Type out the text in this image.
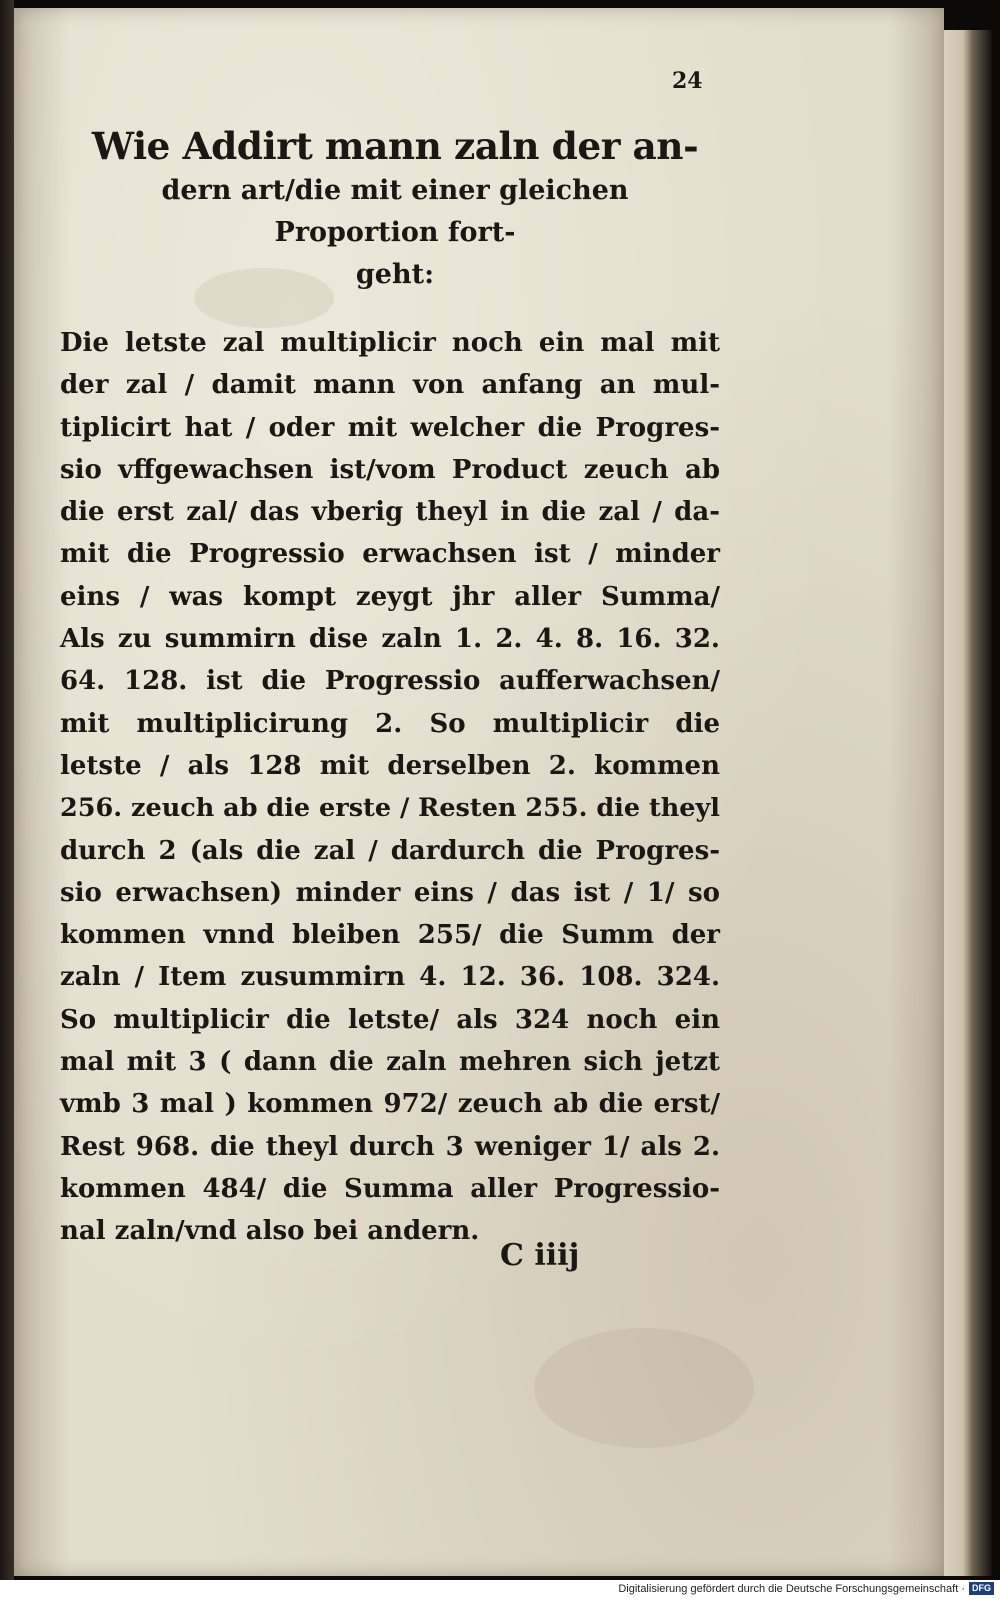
24
Wie Addirt mann zaln der an-
dern art/die mit einer gleichen
Proportion fort-
geht:
Die letste zal multiplicir noch ein mal mit
der zal / damit mann von anfang an mul-
tiplicirt hat / oder mit welcher die Progres-
sio vffgewachsen ist/vom Product zeuch ab
die erst zal/ das vberig theyl in die zal / da-
mit die Progressio erwachsen ist / minder
eins / was kompt zeygt jhr aller Summa/
Als zu summirn dise zaln 1. 2. 4. 8. 16. 32.
64. 128. ist die Progressio aufferwachsen/
mit multiplicirung 2. So multiplicir die
letste / als 128 mit derselben 2. kommen
256. zeuch ab die erste / Resten 255. die theyl
durch 2 (als die zal / dardurch die Progres-
sio erwachsen) minder eins / das ist / 1/ so
kommen vnnd bleiben 255/ die Summ der
zaln / Item zusummirn 4. 12. 36. 108. 324.
So multiplicir die letste/ als 324 noch ein
mal mit 3 ( dann die zaln mehren sich jetzt
vmb 3 mal ) kommen 972/ zeuch ab die erst/
Rest 968. die theyl durch 3 weniger 1/ als 2.
kommen 484/ die Summa aller Progressio-
nal zaln/vnd also bei andern.
C iiij
Digitalisierung gefördert durch die Deutsche Forschungsgemeinschaft · DFG
